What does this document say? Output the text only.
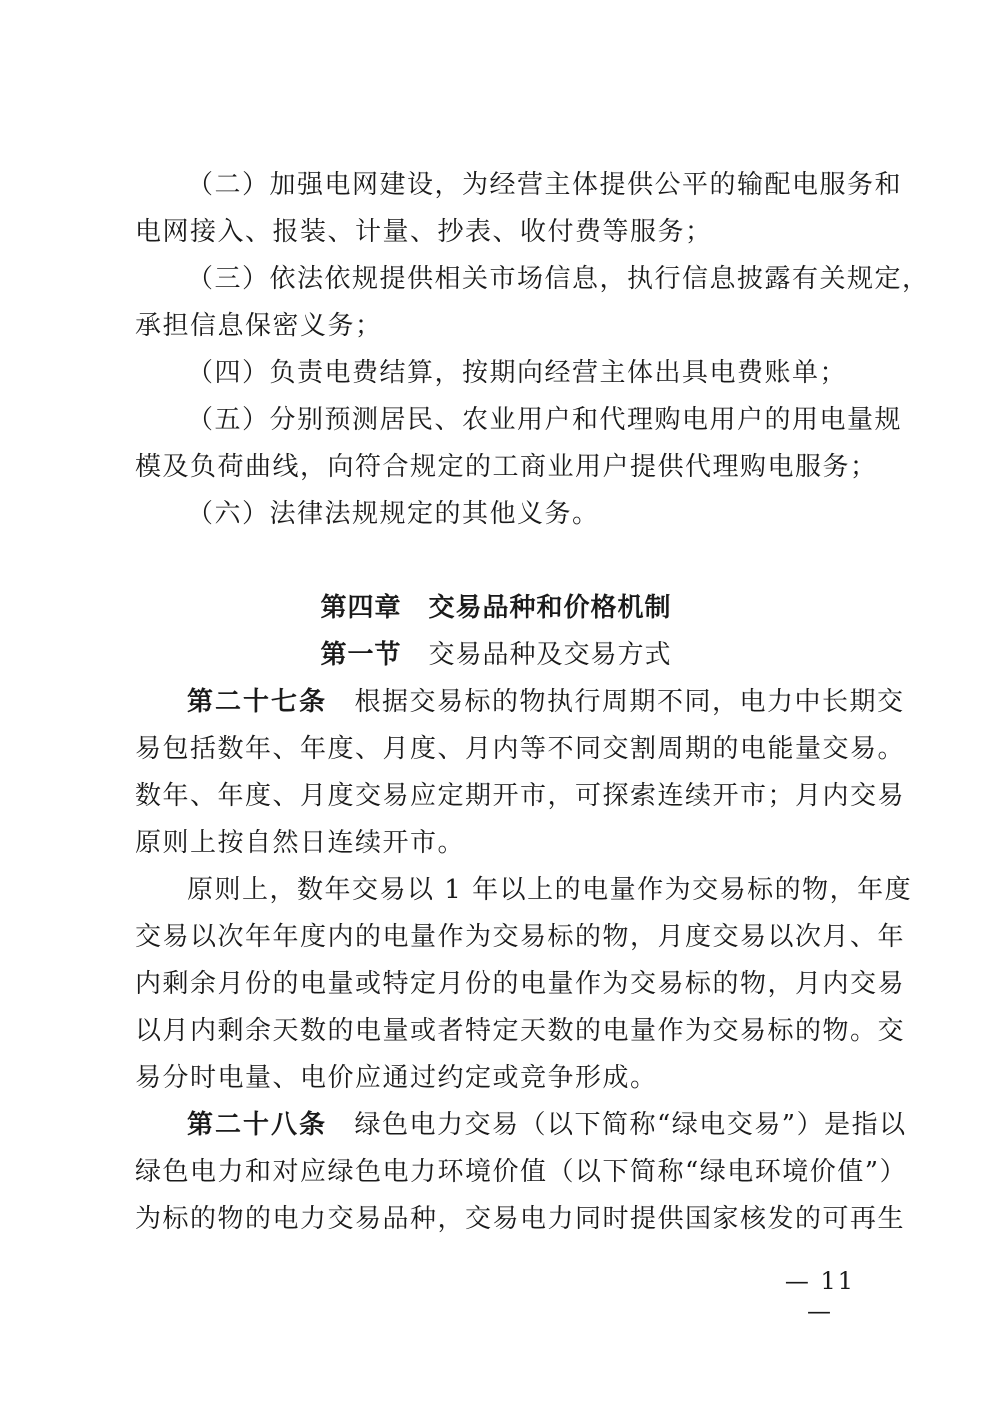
（二）加强电网建设，为经营主体提供公平的输配电服务和
电网接入、报装、计量、抄表、收付费等服务；
（三）依法依规提供相关市场信息，执行信息披露有关规定，
承担信息保密义务；
（四）负责电费结算，按期向经营主体出具电费账单；
（五）分别预测居民、农业用户和代理购电用户的用电量规
模及负荷曲线，向符合规定的工商业用户提供代理购电服务；
（六）法律法规规定的其他义务。
第四章　交易品种和价格机制
第一节　交易品种及交易方式
第二十七条　根据交易标的物执行周期不同，电力中长期交
易包括数年、年度、月度、月内等不同交割周期的电能量交易。
数年、年度、月度交易应定期开市，可探索连续开市；月内交易
原则上按自然日连续开市。
原则上，数年交易以 1 年以上的电量作为交易标的物，年度
交易以次年年度内的电量作为交易标的物，月度交易以次月、年
内剩余月份的电量或特定月份的电量作为交易标的物，月内交易
以月内剩余天数的电量或者特定天数的电量作为交易标的物。交
易分时电量、电价应通过约定或竞争形成。
第二十八条　绿色电力交易（以下简称“绿电交易”）是指以
绿色电力和对应绿色电力环境价值（以下简称“绿电环境价值”）
为标的物的电力交易品种，交易电力同时提供国家核发的可再生
— 11 —
